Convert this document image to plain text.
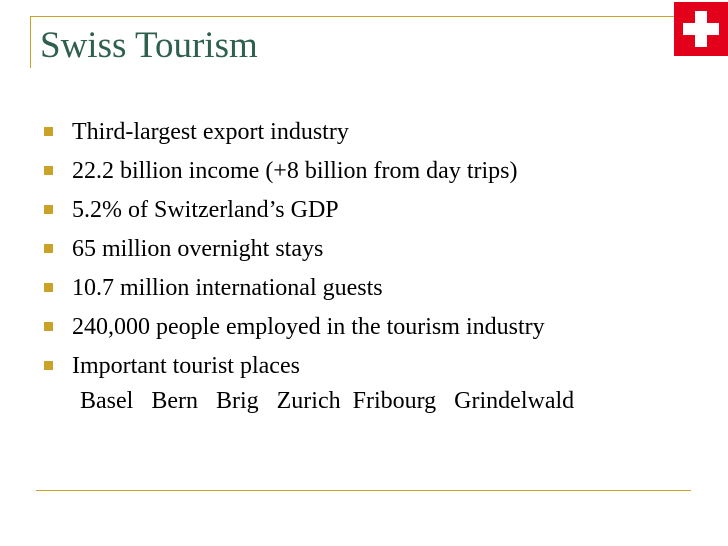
Swiss Tourism
Third-largest export industry
22.2 billion income (+8 billion from day trips)
5.2% of Switzerland’s GDP
65 million overnight stays
10.7 million international guests
240,000 people employed in the tourism industry
Important tourist places

Basel   Bern   Brig   Zurich  Fribourg   Grindelwald
